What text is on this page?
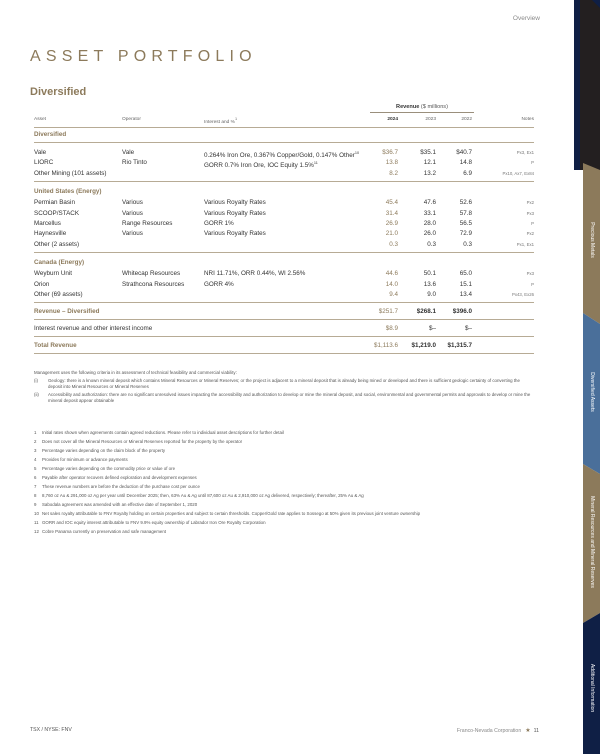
Overview
ASSET PORTFOLIO
Diversified
Revenue ($ millions)
Asset	Operator
Interest and %$^1$	2024	2023	2022	Notes
Diversified
Vale	Vale	0.264% Iron Ore, 0.367% Copper/Gold, 0.147% Other$^{10}$	$36.7	$35.1	$40.7	Px3, Ex1
LIORC	Rio Tinto	GORR 0.7% Iron Ore, IOC Equity 1.5%$^{11}$	13.8	12.1	14.8	P
Other Mining (101 assets)	8.2	13.2	6.9	Px10, Ax7, Ex84
United States (Energy)
Permian Basin	Various	Various Royalty Rates	45.4	47.6	52.6	Px2
SCOOP/STACK	Various	Various Royalty Rates	31.4	33.1	57.8	Px3
Marcellus	Range Resources	GORR 1%	26.9	28.0	56.5	P
Haynesville	Various	Various Royalty Rates	21.0	26.0	72.9	Px2
Other (2 assets)	0.3	0.3	0.3	Px1, Ex1
Canada (Energy)
Weyburn Unit	Whitecap Resources	NRI 11.71%, ORR 0.44%, WI 2.56%	44.6	50.1	65.0	Px3
Orion	Strathcona Resources	GORR 4%	14.0	13.6	15.1	P
Other (69 assets)	9.4	9.0	13.4	Px43, Ex26
Revenue – Diversified	$251.7	$268.1	$396.0
Interest revenue and other interest income	$8.9	$–	$–
Total Revenue	$1,113.6 $1,219.0 $1,315.7
Management uses the following criteria in its assessment of technical feasibility and commercial viability:
(i) Geology: there is a known mineral deposit which contains Mineral Resources or Mineral Reserves; or the project is adjacent to a mineral deposit that is already being mined or developed and there is sufficient geologic certainty of converting the deposit into Mineral Resources or Mineral Reserves
(ii) Accessibility and authorization: there are no significant unresolved issues impacting the accessibility and authorization to develop or mine the mineral deposit, and social, environmental and governmental permits and approvals to develop or mine the mineral deposit appear obtainable
1 Initial rates shown when agreements contain agreed reductions. Please refer to individual asset descriptions for further detail
2 Does not cover all the Mineral Resources or Mineral Reserves reported for the property by the operator
3 Percentage varies depending on the claim block of the property
4 Provides for minimum or advance payments
5 Percentage varies depending on the commodity price or value of ore
6 Payable after operator recovers defined exploration and development expenses
7 These revenue numbers are before the deduction of the purchase cost per ounce
8 8,760 oz Au & 291,000 oz Ag per year until December 2025; then, 63% Au & Ag until 87,600 oz Au & 2,910,000 oz Ag delivered, respectively; thereafter, 25% Au & Ag
9 Sabodala agreement was amended with an effective date of September 1, 2020
10 Net sales royalty attributable to FNV Royalty holding on certain properties and subject to certain thresholds. Copper/Gold rate applies to Sossego at 50% given its previous joint venture ownership
11 GORR and IOC equity interest attributable to FNV 9.9% equity ownership of Labrador Iron Ore Royalty Corporation
12 Cobre Panama currently on preservation and safe management
TSX / NYSE: FNV	Franco-Nevada Corporation ★ 11
Precious Metals
Diversified Assets
Mineral Resources and Mineral Reserves
Additional Information
